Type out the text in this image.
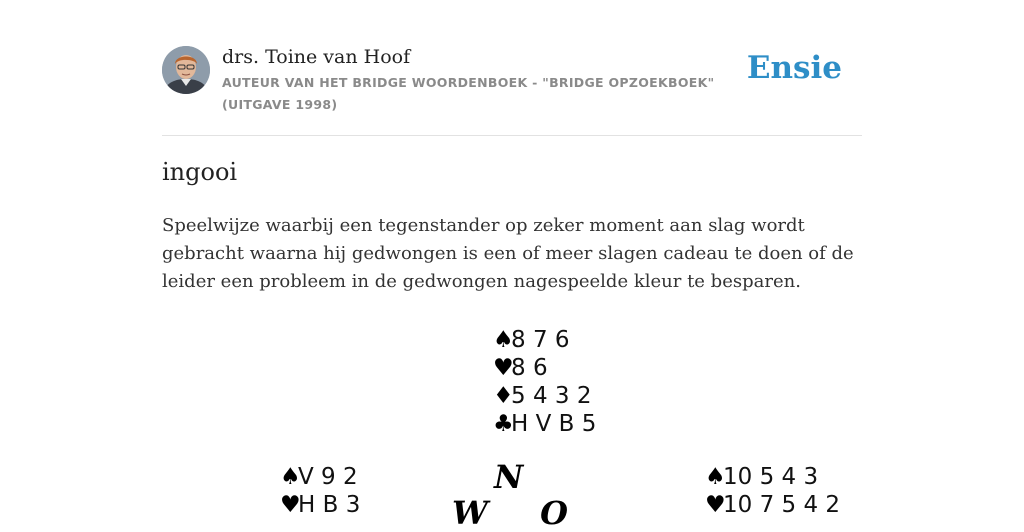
drs. Toine van Hoof
AUTEUR VAN HET BRIDGE WOORDENBOEK - "BRIDGE OPZOEKBOEK" (UITGAVE 1998)
Ensie
ingooi

Speelwijze waarbij een tegenstander op zeker moment aan slag wordt gebracht waarna hij gedwongen is een of meer slagen cadeau te doen of de leider een probleem in de gedwongen nagespeelde kleur te besparen.

♠8 7 6
♥8 6
♦5 4 3 2
♣H V B 5
♠V 9 2
♥H B 3
N
W O
♠10 5 4 3
♥10 7 5 4 2
